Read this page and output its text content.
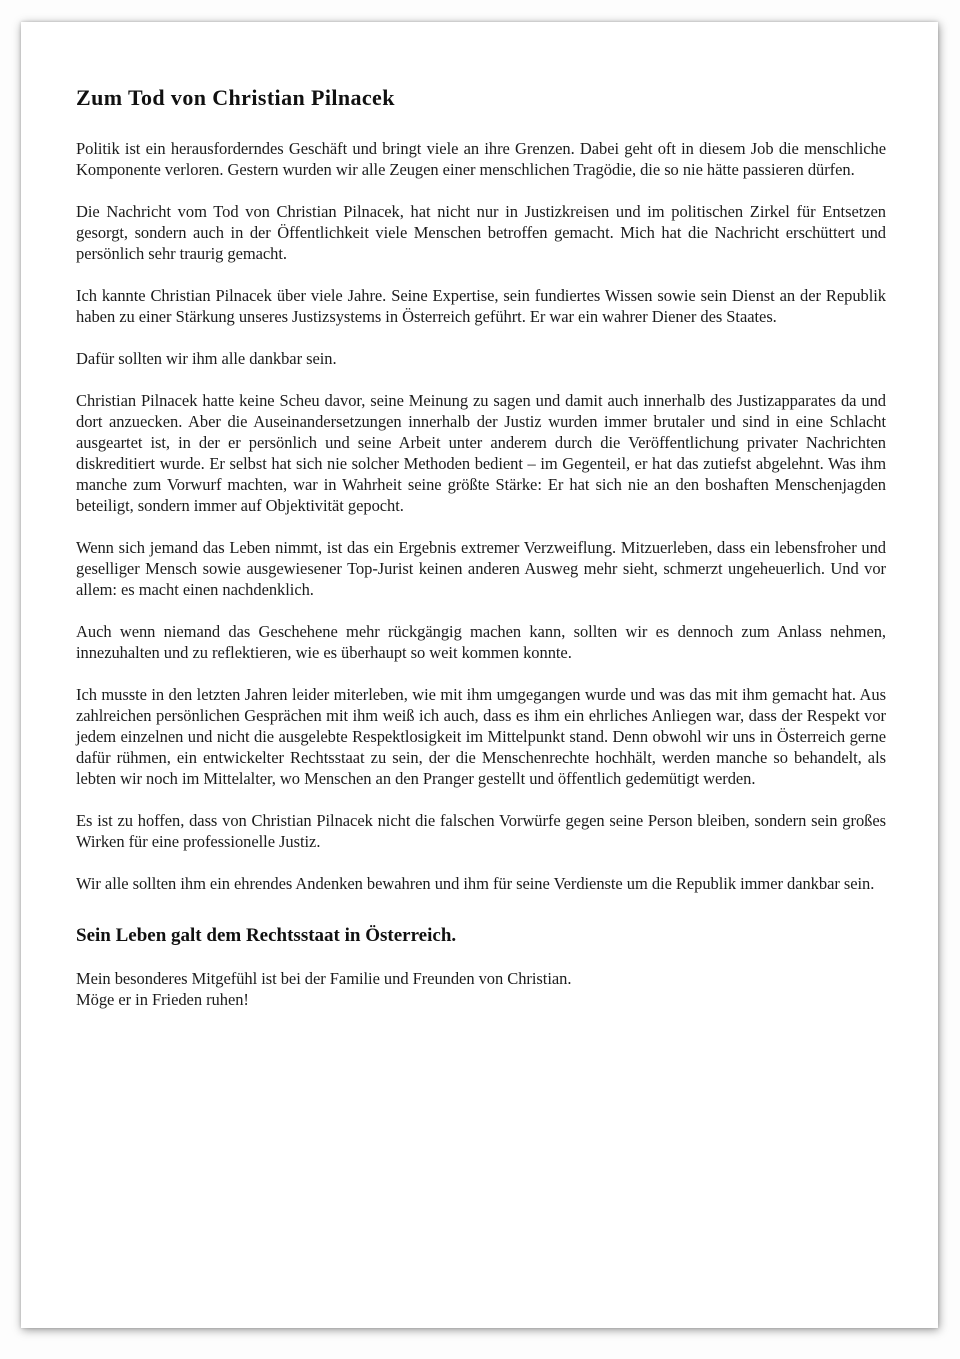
Zum Tod von Christian Pilnacek

Politik ist ein herausforderndes Geschäft und bringt viele an ihre Grenzen. Dabei geht oft in diesem Job die menschliche Komponente verloren. Gestern wurden wir alle Zeugen einer menschlichen Tragödie, die so nie hätte passieren dürfen.

Die Nachricht vom Tod von Christian Pilnacek, hat nicht nur in Justizkreisen und im politischen Zirkel für Entsetzen gesorgt, sondern auch in der Öffentlichkeit viele Menschen betroffen gemacht. Mich hat die Nachricht erschüttert und persönlich sehr traurig gemacht.

Ich kannte Christian Pilnacek über viele Jahre. Seine Expertise, sein fundiertes Wissen sowie sein Dienst an der Republik haben zu einer Stärkung unseres Justizsystems in Österreich geführt. Er war ein wahrer Diener des Staates.

Dafür sollten wir ihm alle dankbar sein.

Christian Pilnacek hatte keine Scheu davor, seine Meinung zu sagen und damit auch innerhalb des Justizapparates da und dort anzuecken. Aber die Auseinandersetzungen innerhalb der Justiz wurden immer brutaler und sind in eine Schlacht ausgeartet ist, in der er persönlich und seine Arbeit unter anderem durch die Veröffentlichung privater Nachrichten diskreditiert wurde. Er selbst hat sich nie solcher Methoden bedient – im Gegenteil, er hat das zutiefst abgelehnt. Was ihm manche zum Vorwurf machten, war in Wahrheit seine größte Stärke: Er hat sich nie an den boshaften Menschenjagden beteiligt, sondern immer auf Objektivität gepocht.

Wenn sich jemand das Leben nimmt, ist das ein Ergebnis extremer Verzweiflung. Mitzuerleben, dass ein lebensfroher und geselliger Mensch sowie ausgewiesener Top-Jurist keinen anderen Ausweg mehr sieht, schmerzt ungeheuerlich. Und vor allem: es macht einen nachdenklich.

Auch wenn niemand das Geschehene mehr rückgängig machen kann, sollten wir es dennoch zum Anlass nehmen, innezuhalten und zu reflektieren, wie es überhaupt so weit kommen konnte.

Ich musste in den letzten Jahren leider miterleben, wie mit ihm umgegangen wurde und was das mit ihm gemacht hat. Aus zahlreichen persönlichen Gesprächen mit ihm weiß ich auch, dass es ihm ein ehrliches Anliegen war, dass der Respekt vor jedem einzelnen und nicht die ausgelebte Respektlosigkeit im Mittelpunkt stand. Denn obwohl wir uns in Österreich gerne dafür rühmen, ein entwickelter Rechtsstaat zu sein, der die Menschenrechte hochhält, werden manche so behandelt, als lebten wir noch im Mittelalter, wo Menschen an den Pranger gestellt und öffentlich gedemütigt werden.

Es ist zu hoffen, dass von Christian Pilnacek nicht die falschen Vorwürfe gegen seine Person bleiben, sondern sein großes Wirken für eine professionelle Justiz.

Wir alle sollten ihm ein ehrendes Andenken bewahren und ihm für seine Verdienste um die Republik immer dankbar sein.

Sein Leben galt dem Rechtsstaat in Österreich.

Mein besonderes Mitgefühl ist bei der Familie und Freunden von Christian.
Möge er in Frieden ruhen!
